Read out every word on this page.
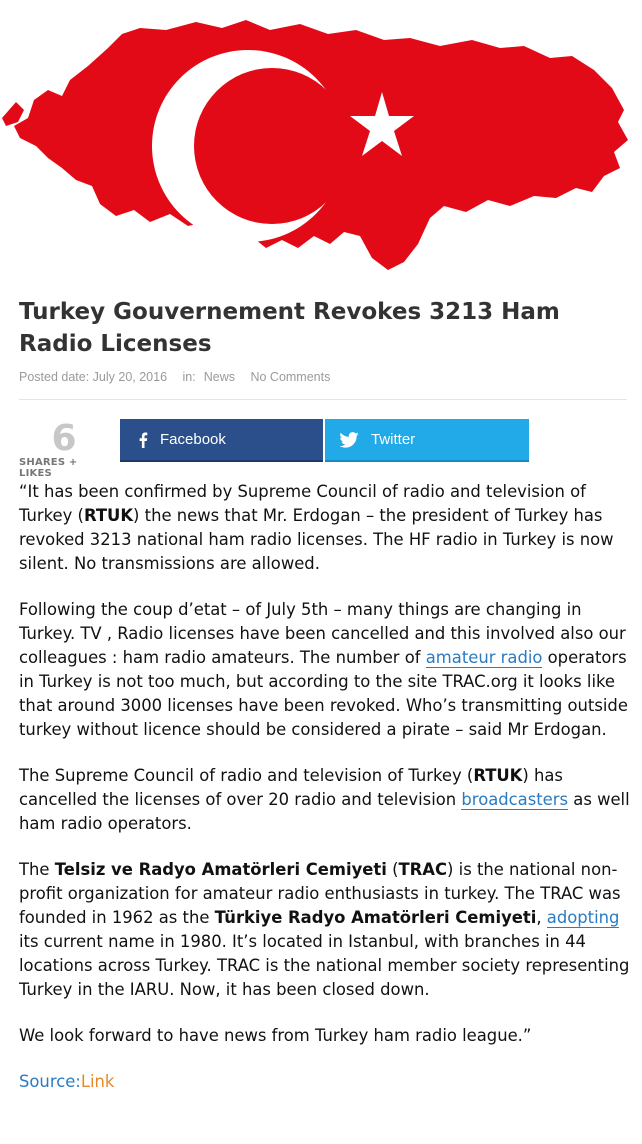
Turkey Gouvernement Revokes 3213 Ham Radio Licenses
Posted date: July 20, 2016 in: News No Comments
6
SHARES + LIKES
Facebook	Twitter

“It has been confirmed by Supreme Council of radio and television of Turkey (RTUK) the news that Mr. Erdogan – the president of Turkey has revoked 3213 national ham radio licenses. The HF radio in Turkey is now silent. No transmissions are allowed.

Following the coup d’etat – of July 5th – many things are changing in Turkey. TV , Radio licenses have been cancelled and this involved also our colleagues : ham radio amateurs. The number of amateur radio operators in Turkey is not too much, but according to the site TRAC.org it looks like that around 3000 licenses have been revoked. Who’s transmitting outside turkey without licence should be considered a pirate – said Mr Erdogan.

The Supreme Council of radio and television of Turkey (RTUK) has cancelled the licenses of over 20 radio and television broadcasters as well ham radio operators.

The Telsiz ve Radyo Amatörleri Cemiyeti (TRAC) is the national non-profit organization for amateur radio enthusiasts in turkey. The TRAC was founded in 1962 as the Türkiye Radyo Amatörleri Cemiyeti, adopting its current name in 1980. It’s located in Istanbul, with branches in 44 locations across Turkey. TRAC is the national member society representing Turkey in the IARU. Now, it has been closed down.

We look forward to have news from Turkey ham radio league.”

Source:Link
